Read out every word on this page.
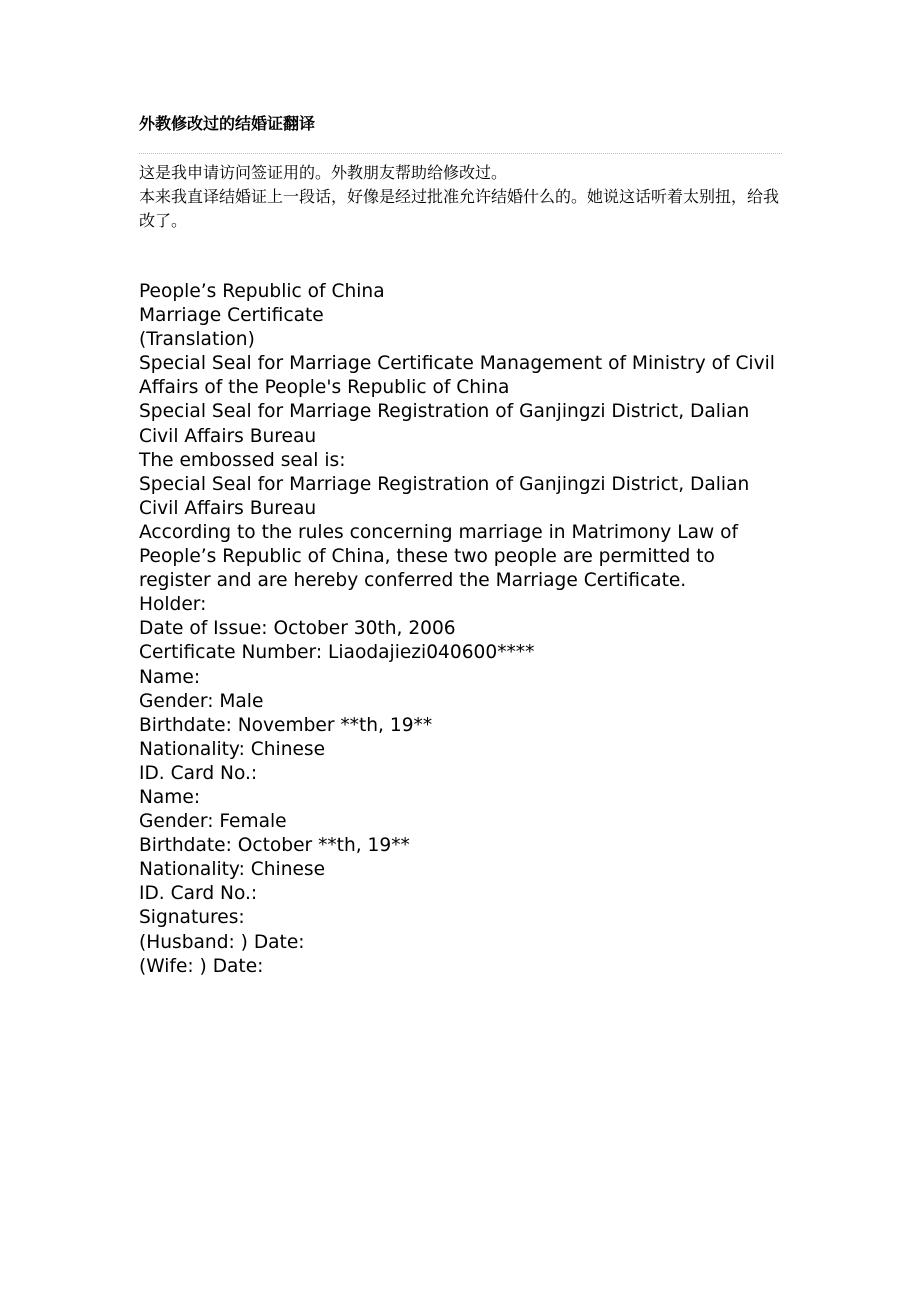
外教修改过的结婚证翻译

这是我申请访问签证用的。外教朋友帮助给修改过。

本来我直译结婚证上一段话，好像是经过批准允许结婚什么的。她说这话听着太别扭，给我改了。

People’s Republic of China

Marriage Certificate

(Translation)

Special Seal for Marriage Certificate Management of Ministry of Civil Affairs of the People's Republic of China

Special Seal for Marriage Registration of Ganjingzi District, Dalian Civil Affairs Bureau

The embossed seal is:

Special Seal for Marriage Registration of Ganjingzi District, Dalian Civil Affairs Bureau

According to the rules concerning marriage in Matrimony Law of People’s Republic of China, these two people are permitted to register and are hereby conferred the Marriage Certificate.

Holder:

Date of Issue: October 30th, 2006

Certificate Number: Liaodajiezi040600****

Name:

Gender: Male

Birthdate: November **th, 19**

Nationality: Chinese

ID. Card No.:

Name:

Gender: Female

Birthdate: October **th, 19**

Nationality: Chinese

ID. Card No.:

Signatures:

(Husband: ) Date:

(Wife: ) Date:
